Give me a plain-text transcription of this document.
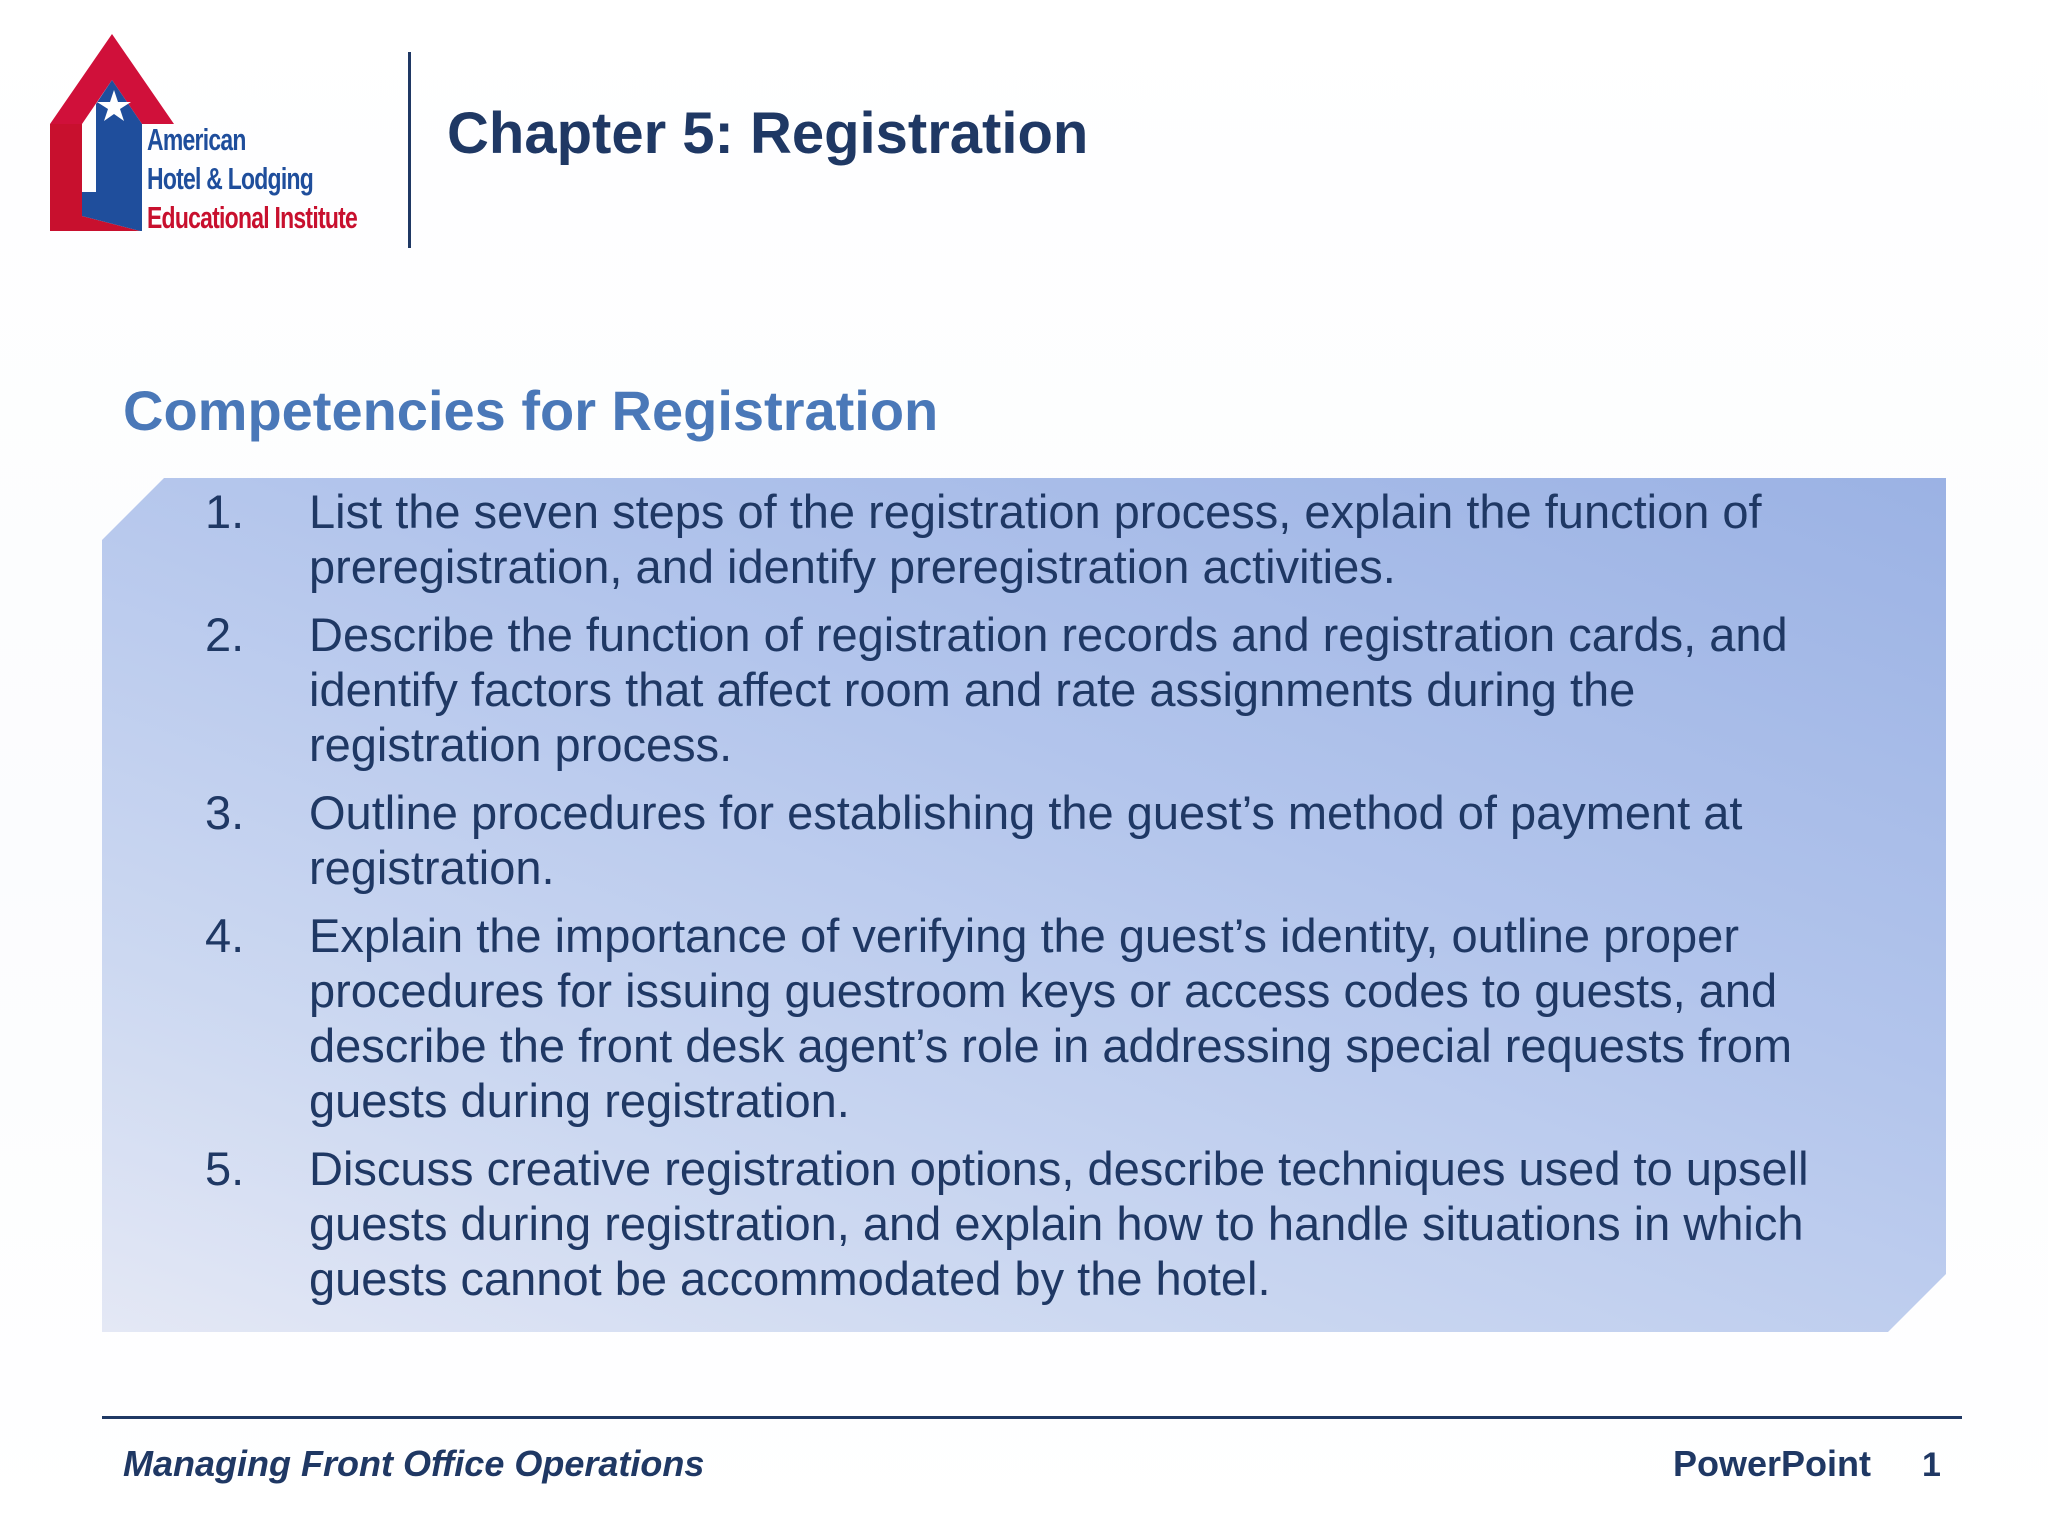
American
Hotel & Lodging
Educational Institute
Chapter 5: Registration
Competencies for Registration
1. List the seven steps of the registration process, explain the function of preregistration, and identify preregistration activities.
2. Describe the function of registration records and registration cards, and identify factors that affect room and rate assignments during the registration process.
3. Outline procedures for establishing the guest’s method of payment at registration.
4. Explain the importance of verifying the guest’s identity, outline proper procedures for issuing guestroom keys or access codes to guests, and describe the front desk agent’s role in addressing special requests from guests during registration.
5. Discuss creative registration options, describe techniques used to upsell guests during registration, and explain how to handle situations in which guests cannot be accommodated by the hotel.
Managing Front Office Operations	PowerPoint 1
